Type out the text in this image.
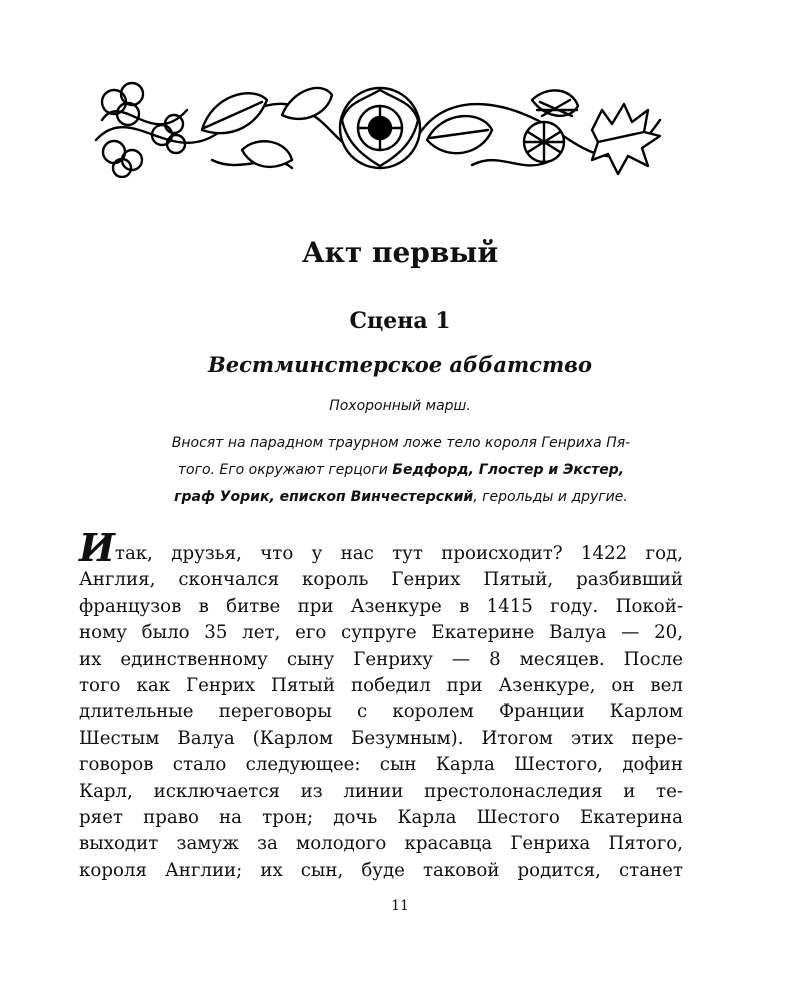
Акт первый
Сцена 1
Вестминстерское аббатство

Похоронный марш.

Вносят на парадном траурном ложе тело короля Генриха Пя-
того. Его окружают герцоги Бедфорд, Глостер и Экстер,
граф Уорик, епископ Винчестерский, герольды и другие.
Итак, друзья, что у нас тут происходит? 1422 год,
Англия, скончался король Генрих Пятый, разбивший
французов в битве при Азенкуре в 1415 году. Покой-
ному было 35 лет, его супруге Екатерине Валуа — 20,
их единственному сыну Генриху — 8 месяцев. После
того как Генрих Пятый победил при Азенкуре, он вел
длительные переговоры с королем Франции Карлом
Шестым Валуа (Карлом Безумным). Итогом этих пере-
говоров стало следующее: сын Карла Шестого, дофин
Карл, исключается из линии престолонаследия и те-
ряет право на трон; дочь Карла Шестого Екатерина
выходит замуж за молодого красавца Генриха Пятого,
короля Англии; их сын, буде таковой родится, станет
11
